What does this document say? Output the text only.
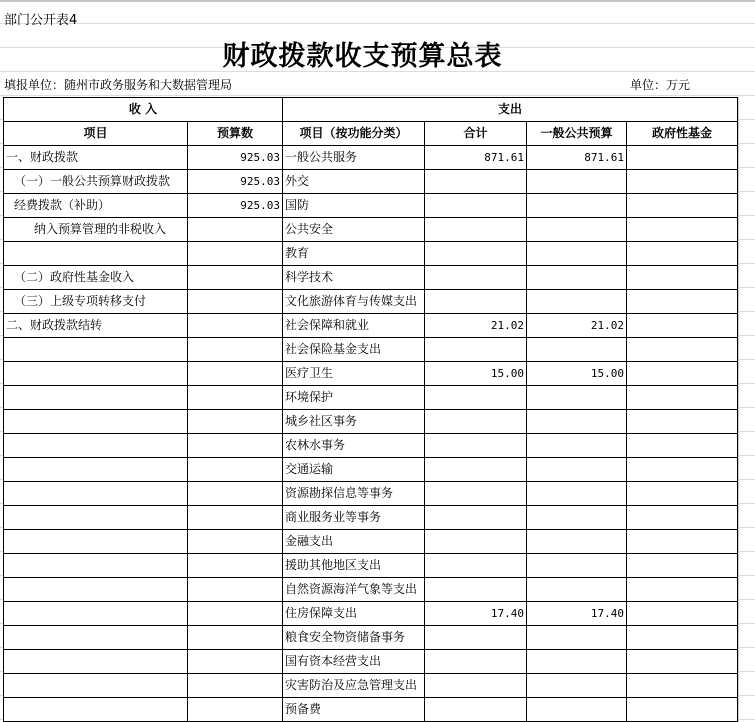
部门公开表4
财政拨款收支预算总表
填报单位：随州市政务服务和大数据管理局	单位：万元
收 入		支出			
项目	预算数	项目（按功能分类）	合计	一般公共预算	政府性基金
一、财政拨款	925.03	一般公共服务	871.61	871.61	
（一）一般公共预算财政拨款	925.03	外交			
经费拨款（补助）	925.03	国防			
纳入预算管理的非税收入		公共安全			
		教育			
（二）政府性基金收入		科学技术			
（三）上级专项转移支付		文化旅游体育与传媒支出			
二、财政拨款结转		社会保障和就业	21.02	21.02	
		社会保险基金支出			
		医疗卫生	15.00	15.00	
		环境保护			
		城乡社区事务			
		农林水事务			
		交通运输			
		资源勘探信息等事务			
		商业服务业等事务			
		金融支出			
		援助其他地区支出			
		自然资源海洋气象等支出			
		住房保障支出	17.40	17.40	
		粮食安全物资储备事务			
		国有资本经营支出			
		灾害防治及应急管理支出			
		预备费			
